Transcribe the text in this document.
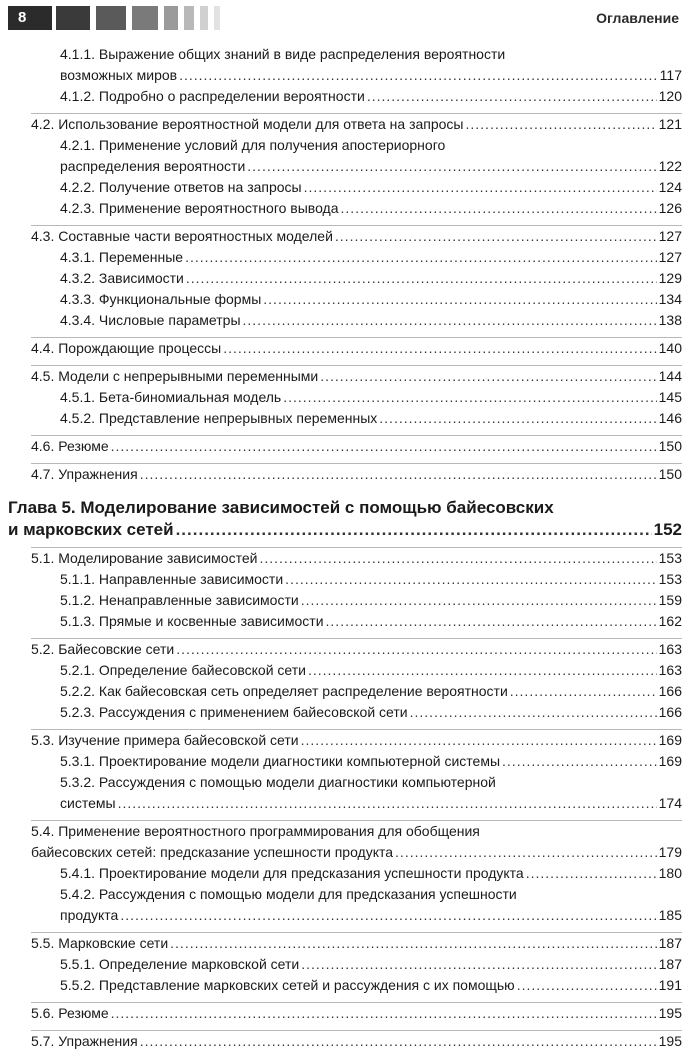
8	Оглавление
4.1.1. Выражение общих знаний в виде распределения вероятности
возможных миров .....	117
4.1.2. Подробно о распределении вероятности .....	120
4.2. Использование вероятностной модели для ответа на запросы .....	121
4.2.1. Применение условий для получения апостериорного
распределения вероятности .....	122
4.2.2. Получение ответов на запросы .....	124
4.2.3. Применение вероятностного вывода .....	126
4.3. Составные части вероятностных моделей .....	127
4.3.1. Переменные .....	127
4.3.2. Зависимости .....	129
4.3.3. Функциональные формы .....	134
4.3.4. Числовые параметры .....	138
4.4. Порождающие процессы .....	140
4.5. Модели с непрерывными переменными .....	144
4.5.1. Бета-биномиальная модель .....	145
4.5.2. Представление непрерывных переменных .....	146
4.6. Резюме .....	150
4.7. Упражнения .....	150
Глава 5. Моделирование зависимостей с помощью байесовских
и марковских сетей .....	152
5.1. Моделирование зависимостей .....	153
5.1.1. Направленные зависимости .....	153
5.1.2. Ненаправленные зависимости .....	159
5.1.3. Прямые и косвенные зависимости .....	162
5.2. Байесовские сети .....	163
5.2.1. Определение байесовской сети .....	163
5.2.2. Как байесовская сеть определяет распределение вероятности .....	166
5.2.3. Рассуждения с применением байесовской сети .....	166
5.3. Изучение примера байесовской сети .....	169
5.3.1. Проектирование модели диагностики компьютерной системы .....	169
5.3.2. Рассуждения с помощью модели диагностики компьютерной
системы .....	174
5.4. Применение вероятностного программирования для обобщения
байесовских сетей: предсказание успешности продукта .....	179
5.4.1. Проектирование модели для предсказания успешности продукта .....	180
5.4.2. Рассуждения с помощью модели для предсказания успешности
продукта .....	185
5.5. Марковские сети .....	187
5.5.1. Определение марковской сети .....	187
5.5.2. Представление марковских сетей и рассуждения с их помощью .....	191
5.6. Резюме .....	195
5.7. Упражнения .....	195
